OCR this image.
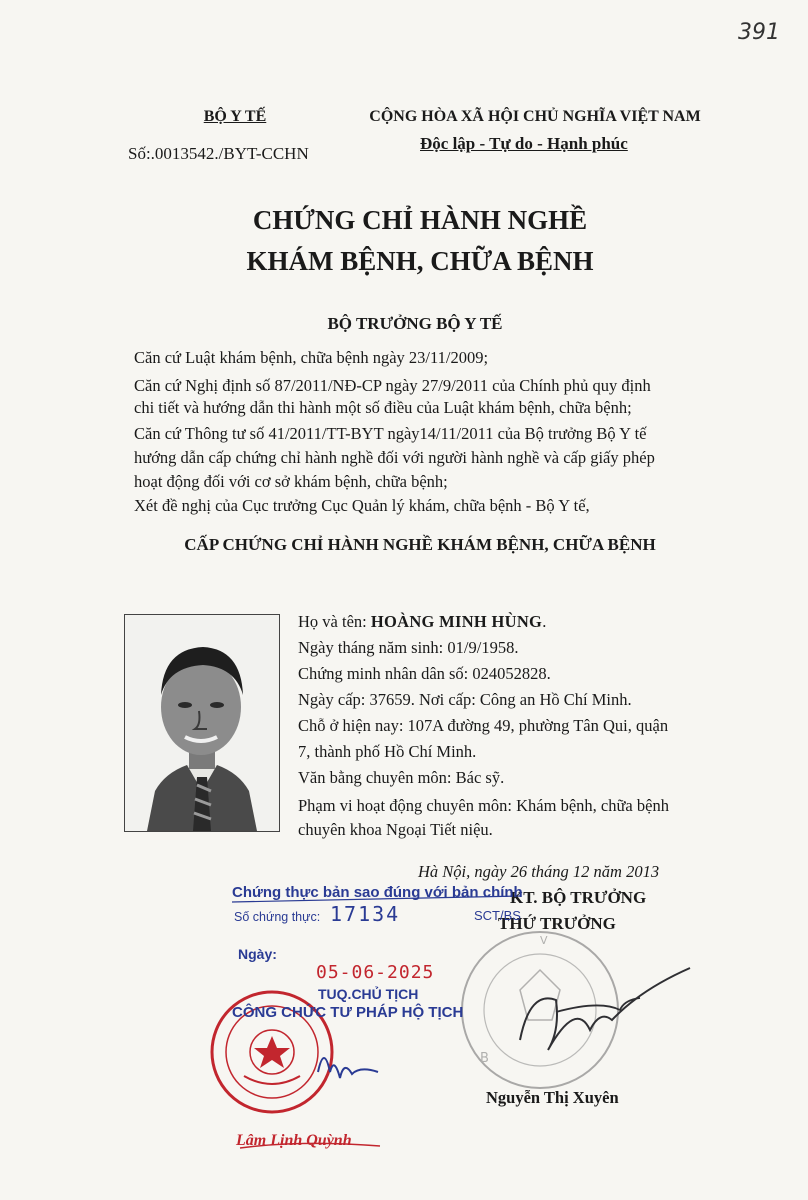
391
BỘ Y TẾ
Số:.0013542./BYT-CCHN
CỘNG HÒA XÃ HỘI CHỦ NGHĨA VIỆT NAM
Độc lập - Tự do - Hạnh phúc
CHỨNG CHỈ HÀNH NGHỀ
KHÁM BỆNH, CHỮA BỆNH
BỘ TRƯỞNG BỘ Y TẾ
Căn cứ Luật khám bệnh, chữa bệnh ngày 23/11/2009;
Căn cứ Nghị định số 87/2011/NĐ-CP ngày 27/9/2011 của Chính phủ quy định
chi tiết và hướng dẫn thi hành một số điều của Luật khám bệnh, chữa bệnh;
Căn cứ Thông tư số 41/2011/TT-BYT ngày14/11/2011 của Bộ trưởng Bộ Y tế
hướng dẫn cấp chứng chỉ hành nghề đối với người hành nghề và cấp giấy phép
hoạt động đối với cơ sở khám bệnh, chữa bệnh;
Xét đề nghị của Cục trưởng Cục Quản lý khám, chữa bệnh - Bộ Y tế,
CẤP CHỨNG CHỈ HÀNH NGHỀ KHÁM BỆNH, CHỮA BỆNH
Họ và tên: HOÀNG MINH HÙNG.
Ngày tháng năm sinh: 01/9/1958.
Chứng minh nhân dân số: 024052828.
Ngày cấp: 37659. Nơi cấp: Công an Hồ Chí Minh.
Chỗ ở hiện nay: 107A đường 49, phường Tân Qui, quận
7, thành phố Hồ Chí Minh.
Văn bằng chuyên môn: Bác sỹ.
Phạm vi hoạt động chuyên môn: Khám bệnh, chữa bệnh
chuyên khoa Ngoại Tiết niệu.
Hà Nội, ngày 26 tháng 12 năm 2013
B
V
KT. BỘ TRƯỞNG
THỨ TRƯỞNG
Nguyễn Thị Xuyên
Chứng thực bản sao đúng với bản chính
Số chứng thực: 17134	SCT/BS
Ngày:
05-06-2025
TUQ.CHỦ TỊCH
CÔNG CHỨC TƯ PHÁP HỘ TỊCH
Lâm Lịnh Quỳnh
